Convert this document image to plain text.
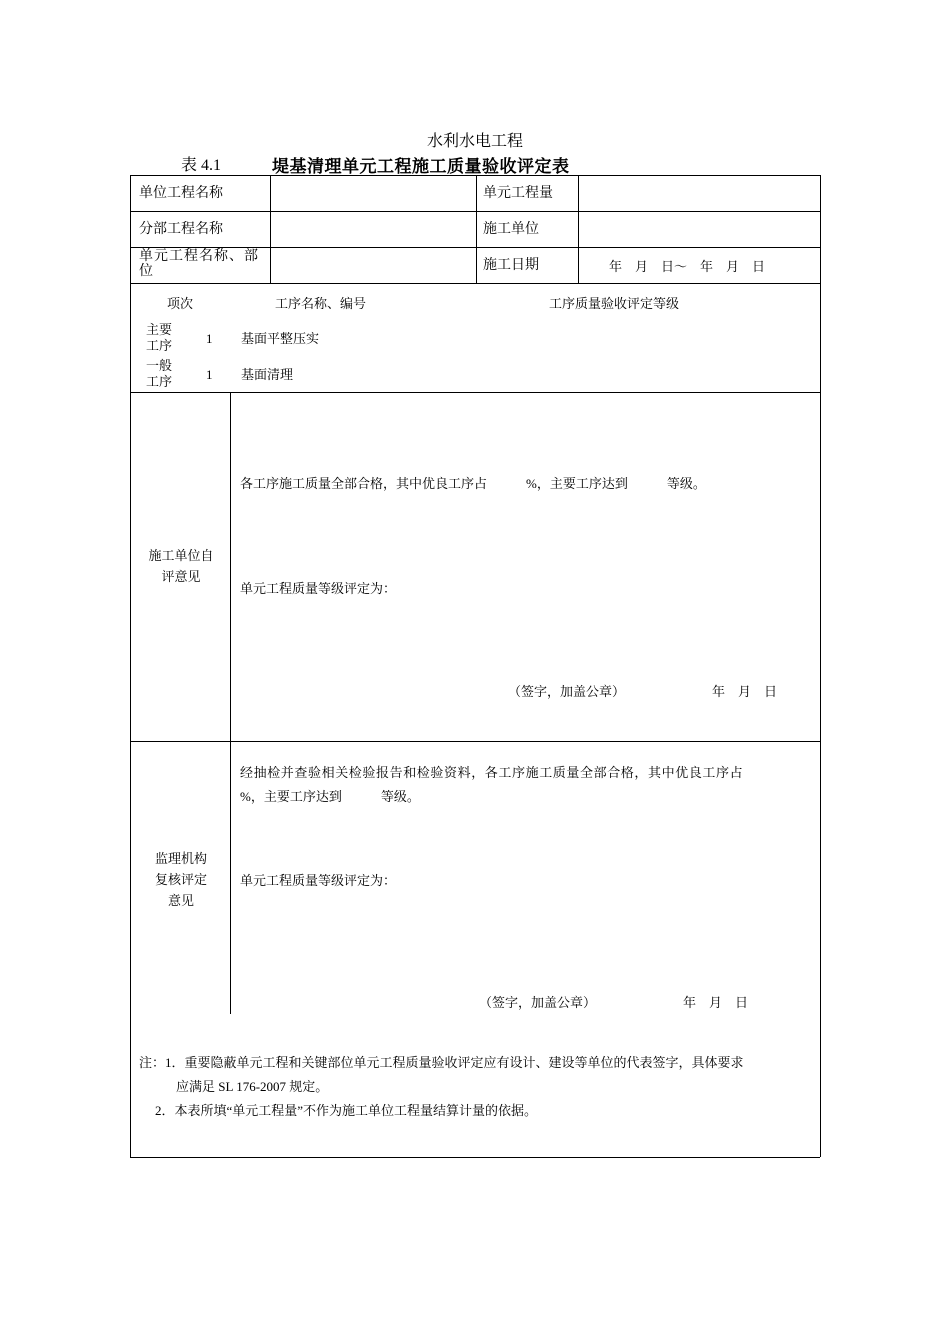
水利水电工程
表 4.1	堤基清理单元工程施工质量验收评定表
单位工程名称	单元工程量
分部工程名称	施工单位
单元工程名称、部位	施工日期	年　月　日～　年　月　日
项次	工序名称、编号	工序质量验收评定等级
主要工序	1 基面平整压实
一般工序	1 基面清理
施工单位自评意见
各工序施工质量全部合格，其中优良工序占　　　%，主要工序达到　　　等级。
单元工程质量等级评定为：
（签字，加盖公章）	年　月　日
监理机构
复核评定
意见
经抽检并查验相关检验报告和检验资料，各工序施工质量全部合格，其中优良工序占
%，主要工序达到　　　等级。
单元工程质量等级评定为：
（签字，加盖公章）	年　月　日
注：1．重要隐蔽单元工程和关键部位单元工程质量验收评定应有设计、建设等单位的代表签字，具体要求
应满足 SL 176-2007 规定。
2．本表所填“单元工程量”不作为施工单位工程量结算计量的依据。
